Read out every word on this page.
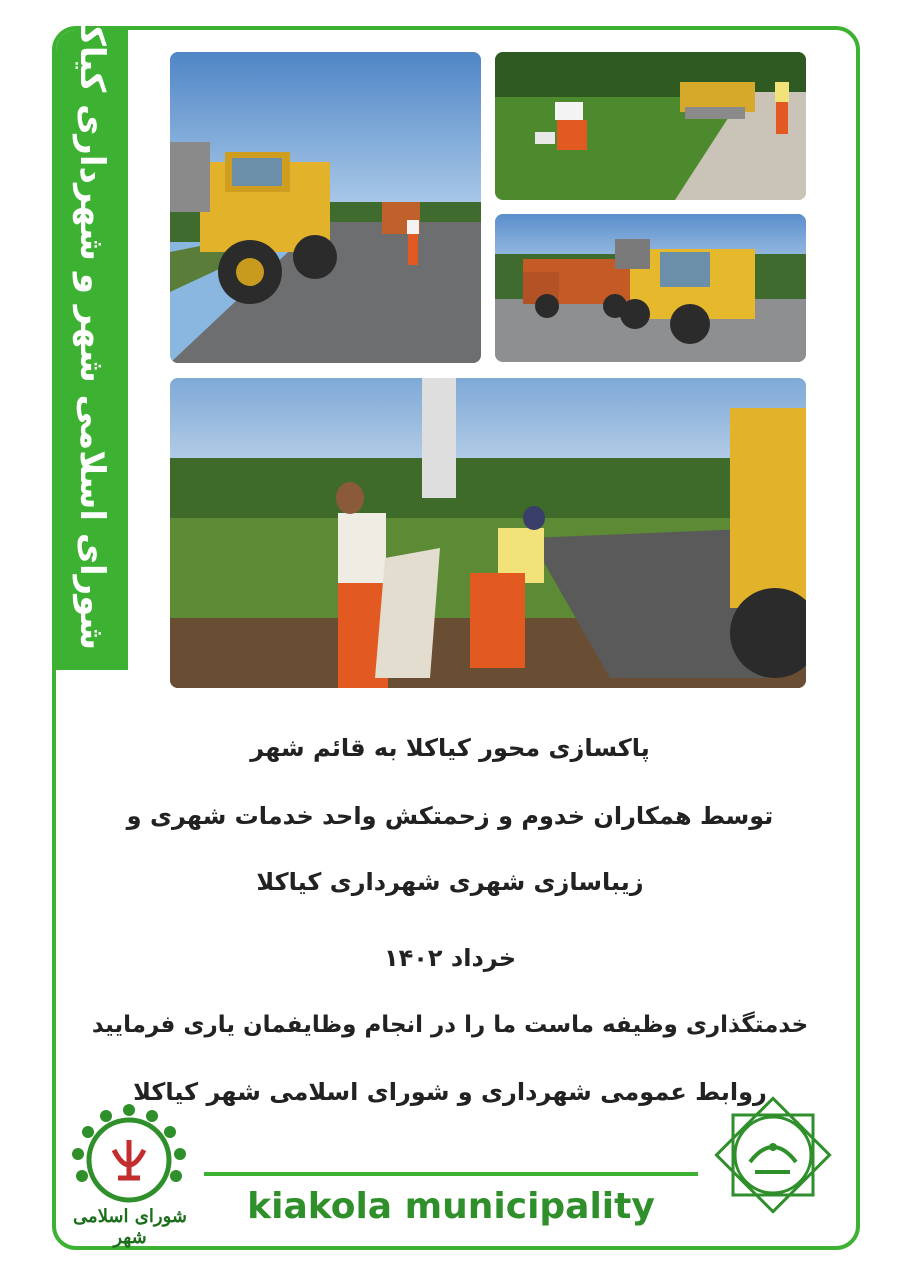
شورای اسلامی شهر و شهرداری کیاکلا
پاکسازی محور کیاکلا به قائم شهر
توسط همکاران خدوم و زحمتکش واحد خدمات شهری و
زیباسازی شهری شهرداری کیاکلا
خرداد ۱۴۰۲
خدمتگذاری وظیفه ماست ما را در انجام وظایفمان یاری فرمایید
روابط عمومی شهرداری و شورای اسلامی شهر کیاکلا
شورای اسلامی شهر
kiakola municipality
